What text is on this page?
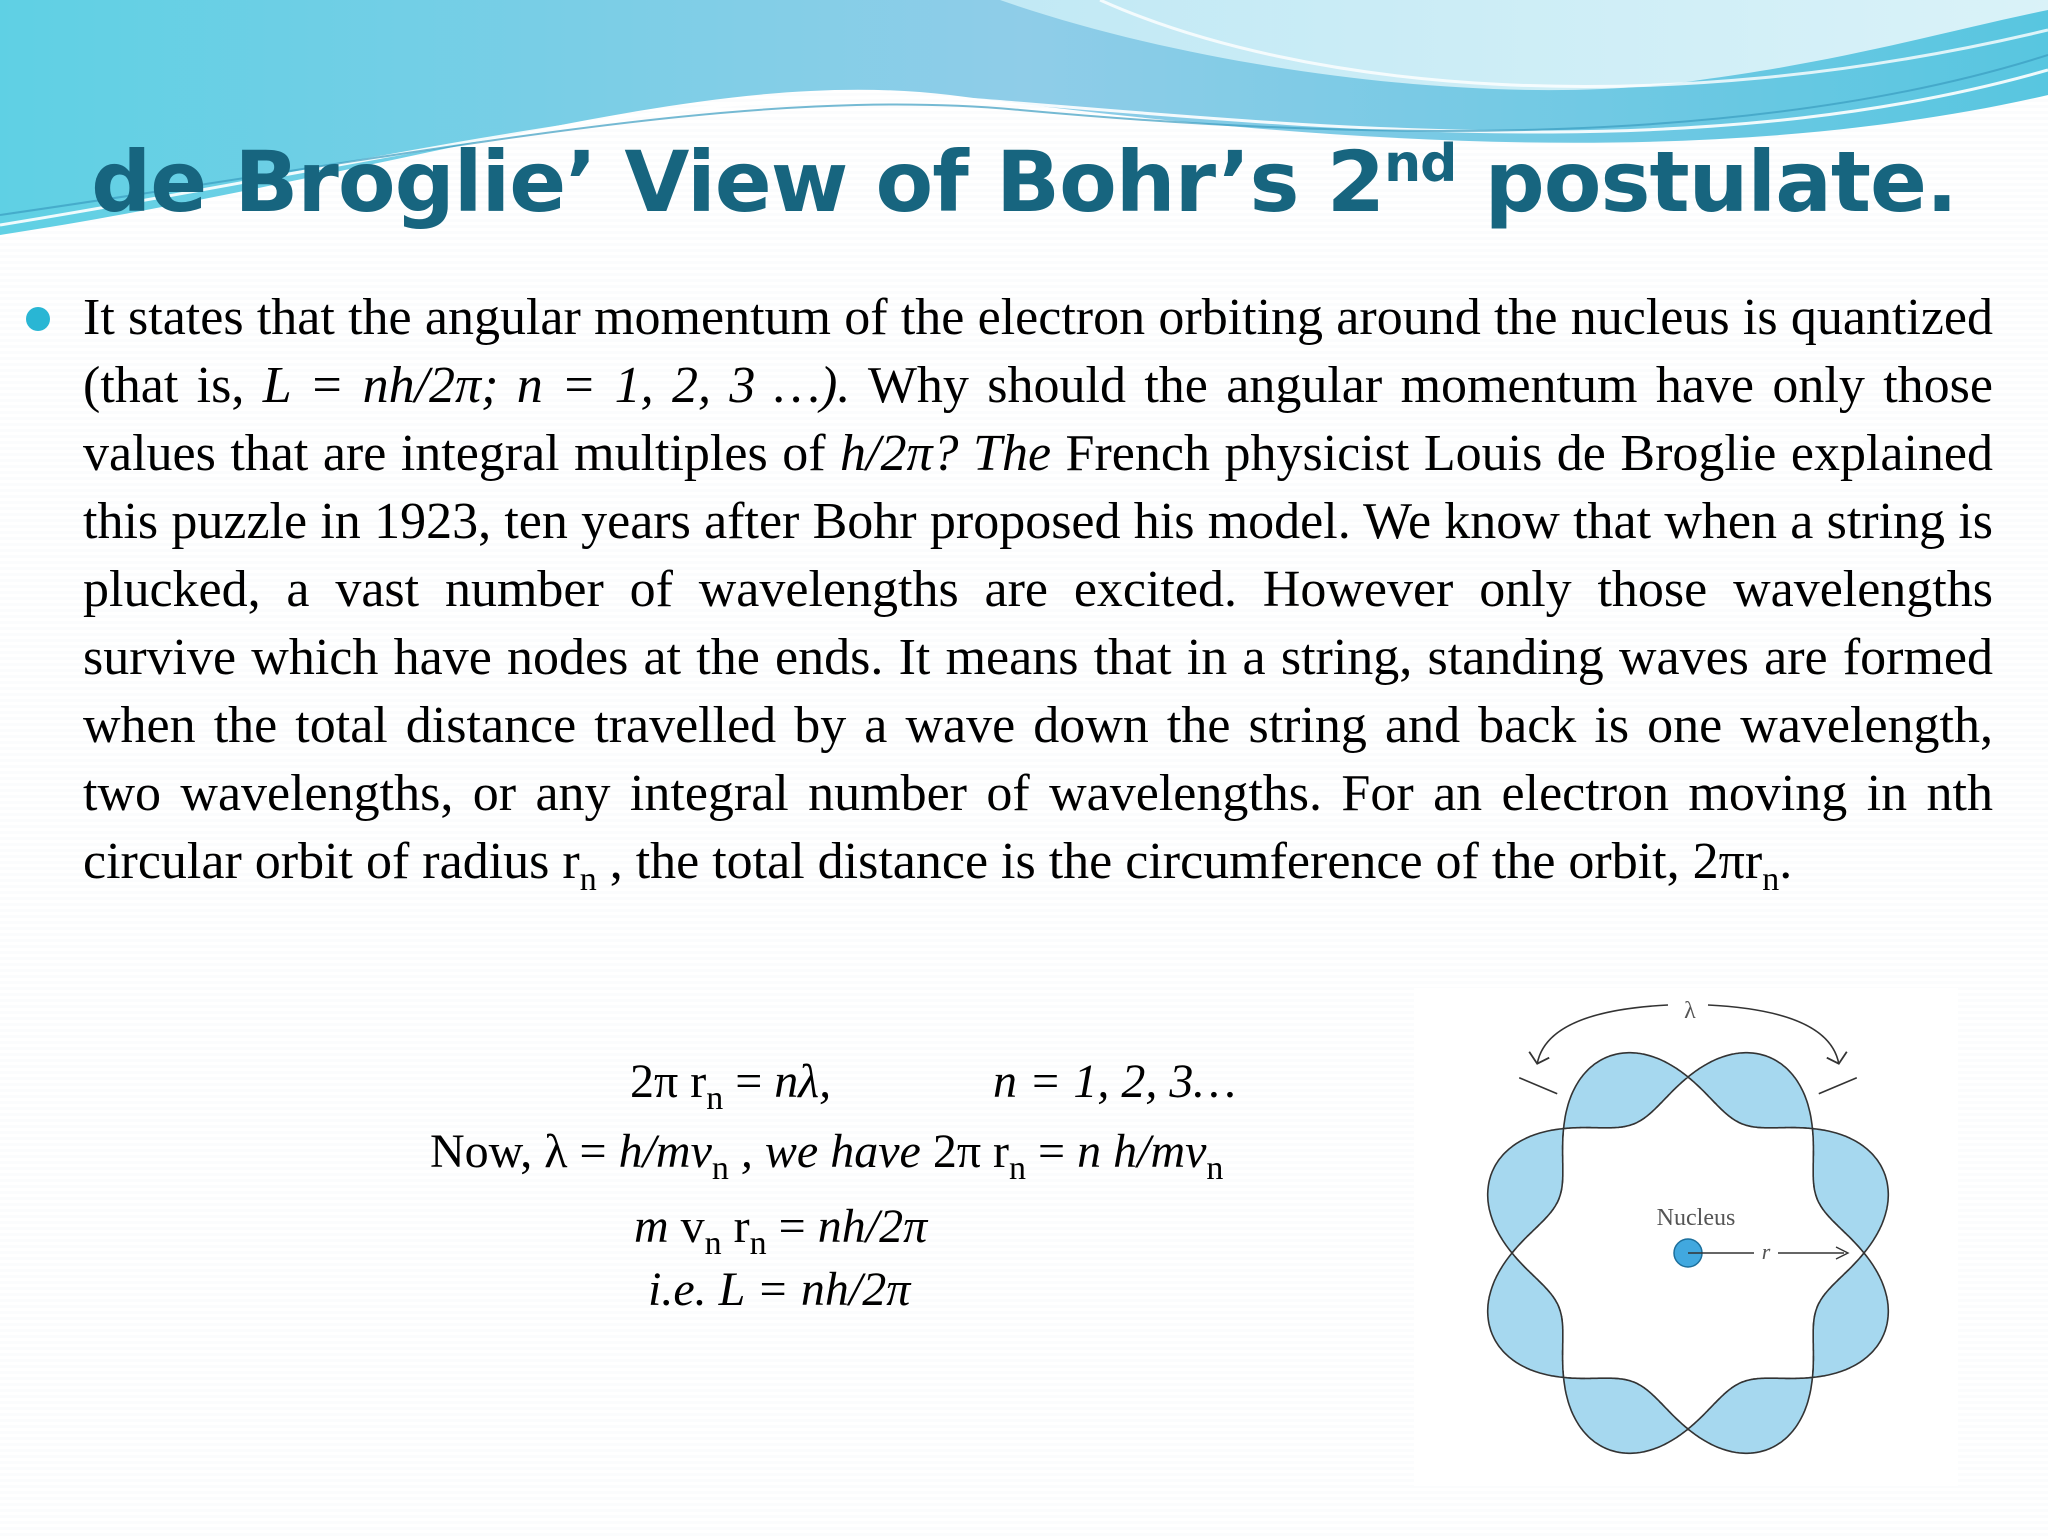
de Broglie’ View of Bohr’s 2nd postulate.
It states that the angular momentum of the electron orbiting around the nucleus is quantized (that is, L = nh/2π; n = 1, 2, 3 …). Why should the angular momentum have only those values that are integral multiples of h/2π? The French physicist Louis de Broglie explained this puzzle in 1923, ten years after Bohr proposed his model. We know that when a string is plucked, a vast number of wavelengths are excited. However only those wavelengths survive which have nodes at the ends. It means that in a string, standing waves are formed when the total distance travelled by a wave down the string and back is one wavelength, two wavelengths, or any integral number of wavelengths. For an electron moving in nth circular orbit of radius $r_n$ , the total distance is the circumference of the orbit, $2\pi r_n$.
2π $r_n = n\lambda$,	n = 1, 2, 3…
Now, $\lambda = h/mv_n$ , we have 2π $r_n = n$ $h/mv_n$
m $v_n$ $r_n = nh/2\pi$
i.e. L = nh/2π
λ
Nucleus
r
